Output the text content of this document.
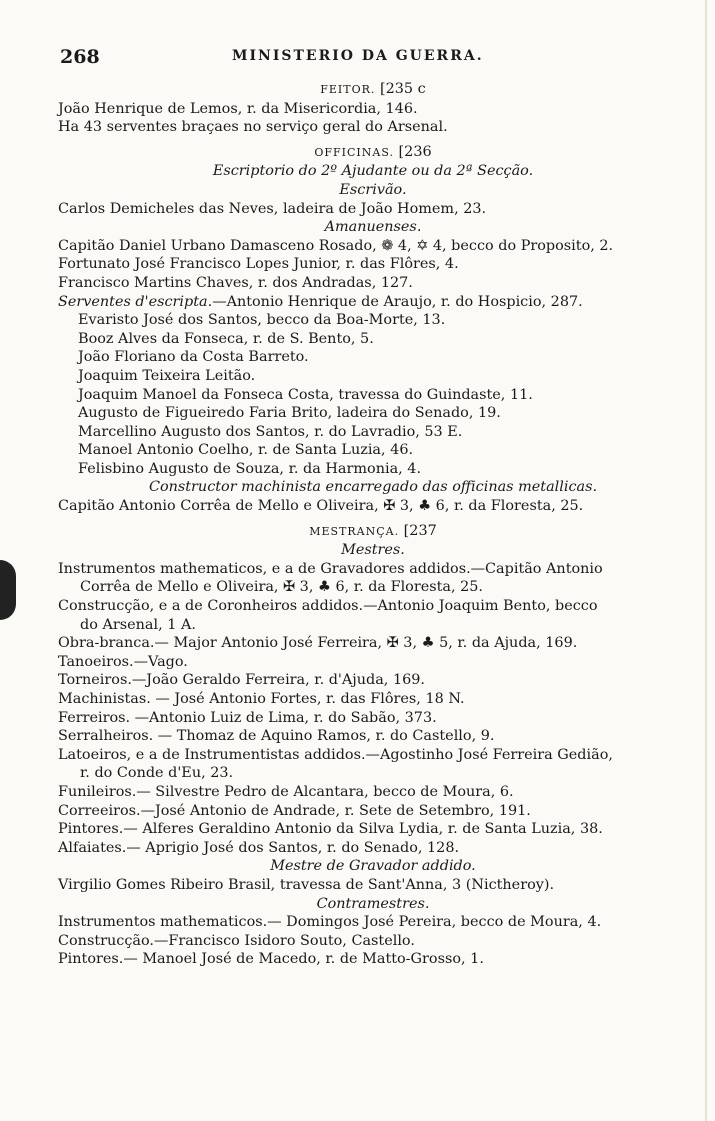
268	MINISTERIO DA GUERRA.
FEITOR. [235 c
João Henrique de Lemos, r. da Misericordia, 146.
Ha 43 serventes braçaes no serviço geral do Arsenal.
OFFICINAS. [236
Escriptorio do 2º Ajudante ou da 2ª Secção.
Escrivão.
Carlos Demicheles das Neves, ladeira de João Homem, 23.
Amanuenses.
Capitão Daniel Urbano Damasceno Rosado, ❁ 4, ✡ 4, becco do Proposito, 2.
Fortunato José Francisco Lopes Junior, r. das Flôres, 4.
Francisco Martins Chaves, r. dos Andradas, 127.
Serventes d'escripta.—Antonio Henrique de Araujo, r. do Hospicio, 287.
Evaristo José dos Santos, becco da Boa-Morte, 13.
Booz Alves da Fonseca, r. de S. Bento, 5.
João Floriano da Costa Barreto.
Joaquim Teixeira Leitão.
Joaquim Manoel da Fonseca Costa, travessa do Guindaste, 11.
Augusto de Figueiredo Faria Brito, ladeira do Senado, 19.
Marcellino Augusto dos Santos, r. do Lavradio, 53 E.
Manoel Antonio Coelho, r. de Santa Luzia, 46.
Felisbino Augusto de Souza, r. da Harmonia, 4.
Constructor machinista encarregado das officinas metallicas.
Capitão Antonio Corrêa de Mello e Oliveira, ✠ 3, ♣ 6, r. da Floresta, 25.
MESTRANÇA. [237
Mestres.
Instrumentos mathematicos, e a de Gravadores addidos.—Capitão Antonio
Corrêa de Mello e Oliveira, ✠ 3, ♣ 6, r. da Floresta, 25.
Construcção, e a de Coronheiros addidos.—Antonio Joaquim Bento, becco
do Arsenal, 1 A.
Obra-branca.— Major Antonio José Ferreira, ✠ 3, ♣ 5, r. da Ajuda, 169.
Tanoeiros.—Vago.
Torneiros.—João Geraldo Ferreira, r. d'Ajuda, 169.
Machinistas. — José Antonio Fortes, r. das Flôres, 18 N.
Ferreiros. —Antonio Luiz de Lima, r. do Sabão, 373.
Serralheiros. — Thomaz de Aquino Ramos, r. do Castello, 9.
Latoeiros, e a de Instrumentistas addidos.—Agostinho José Ferreira Gedião,
r. do Conde d'Eu, 23.
Funileiros.— Silvestre Pedro de Alcantara, becco de Moura, 6.
Correeiros.—José Antonio de Andrade, r. Sete de Setembro, 191.
Pintores.— Alferes Geraldino Antonio da Silva Lydia, r. de Santa Luzia, 38.
Alfaiates.— Aprigio José dos Santos, r. do Senado, 128.
Mestre de Gravador addido.
Virgilio Gomes Ribeiro Brasil, travessa de Sant'Anna, 3 (Nictheroy).
Contramestres.
Instrumentos mathematicos.— Domingos José Pereira, becco de Moura, 4.
Construcção.—Francisco Isidoro Souto, Castello.
Pintores.— Manoel José de Macedo, r. de Matto-Grosso, 1.
